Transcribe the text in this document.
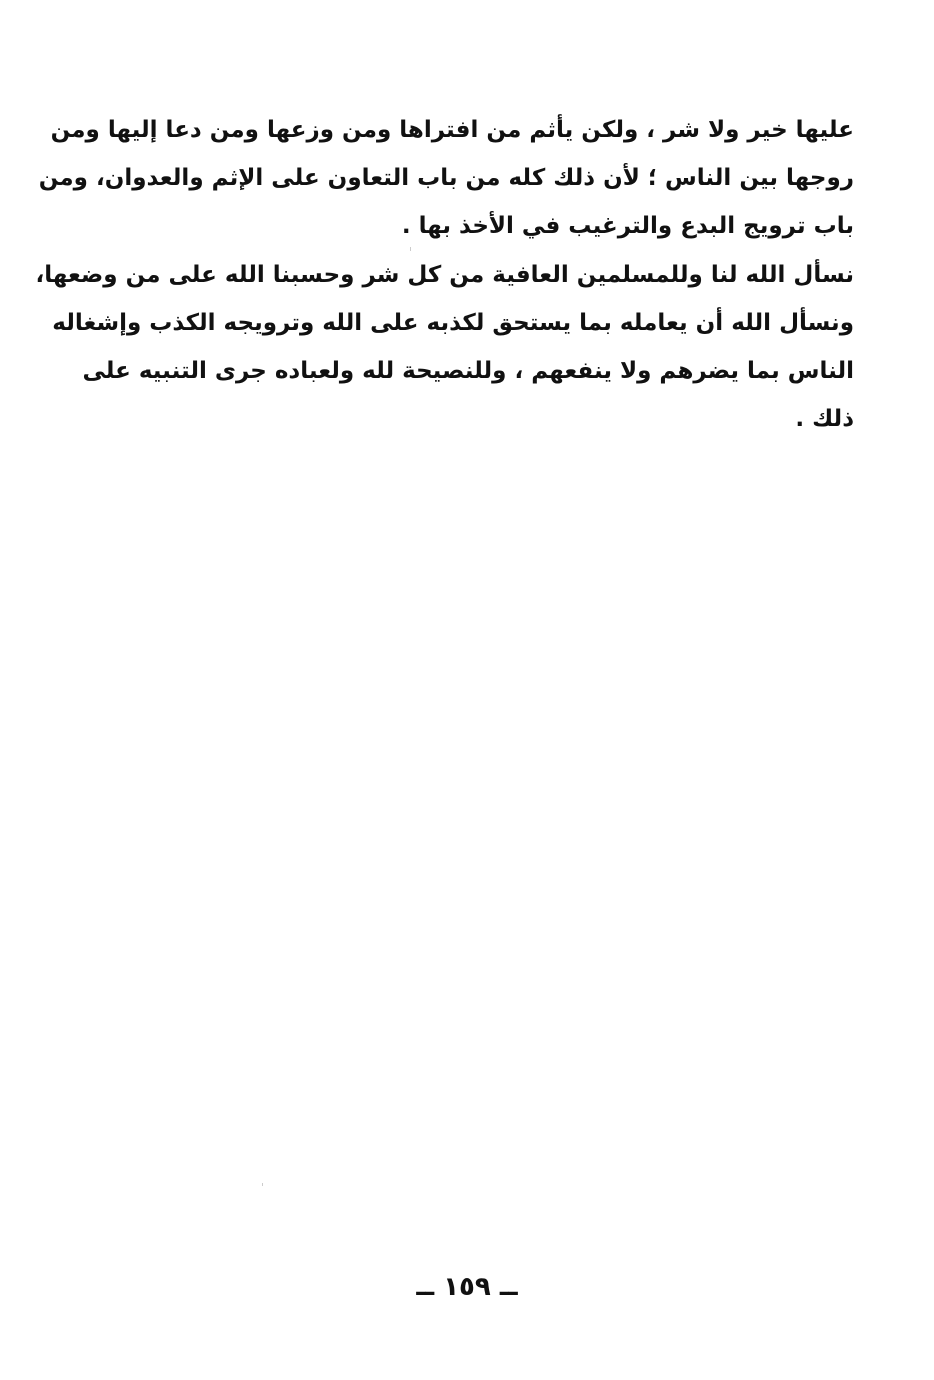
عليها خير ولا شر ، ولكن يأثم من افتراها ومن وزعها ومن دعا إليها ومن
روجها بين الناس ؛ لأن ذلك كله من باب التعاون على الإثم والعدوان، ومن
باب ترويج البدع والترغيب في الأخذ بها .
نسأل الله لنا وللمسلمين العافية من كل شر وحسبنا الله على من وضعها،
ونسأل الله أن يعامله بما يستحق لكذبه على الله وترويجه الكذب وإشغاله
الناس بما يضرهم ولا ينفعهم ، وللنصيحة لله ولعباده جرى التنبيه على
ذلك .
ــ ١٥٩ ــ
